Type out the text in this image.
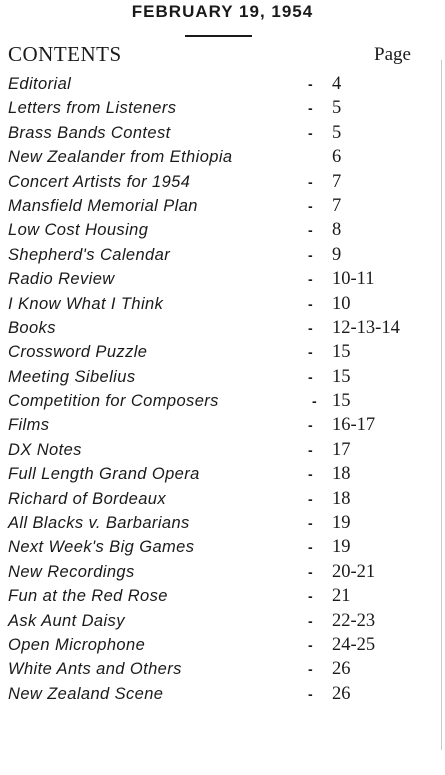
FEBRUARY 19, 1954
CONTENTS	Page
Editorial	- 4
Letters from Listeners	- 5
Brass Bands Contest	- 5
New Zealander from Ethiopia	6
Concert Artists for 1954	- 7
Mansfield Memorial Plan	- 7
Low Cost Housing	- 8
Shepherd's Calendar	- 9
Radio Review	- 10-11
I Know What I Think	- 10
Books	- 12-13-14
Crossword Puzzle	- 15
Meeting Sibelius	- 15
Competition for Composers	- 15
Films	- 16-17
DX Notes	- 17
Full Length Grand Opera	- 18
Richard of Bordeaux	- 18
All Blacks v. Barbarians	- 19
Next Week's Big Games	- 19
New Recordings	- 20-21
Fun at the Red Rose	- 21
Ask Aunt Daisy	- 22-23
Open Microphone	- 24-25
White Ants and Others	- 26
New Zealand Scene	- 26
